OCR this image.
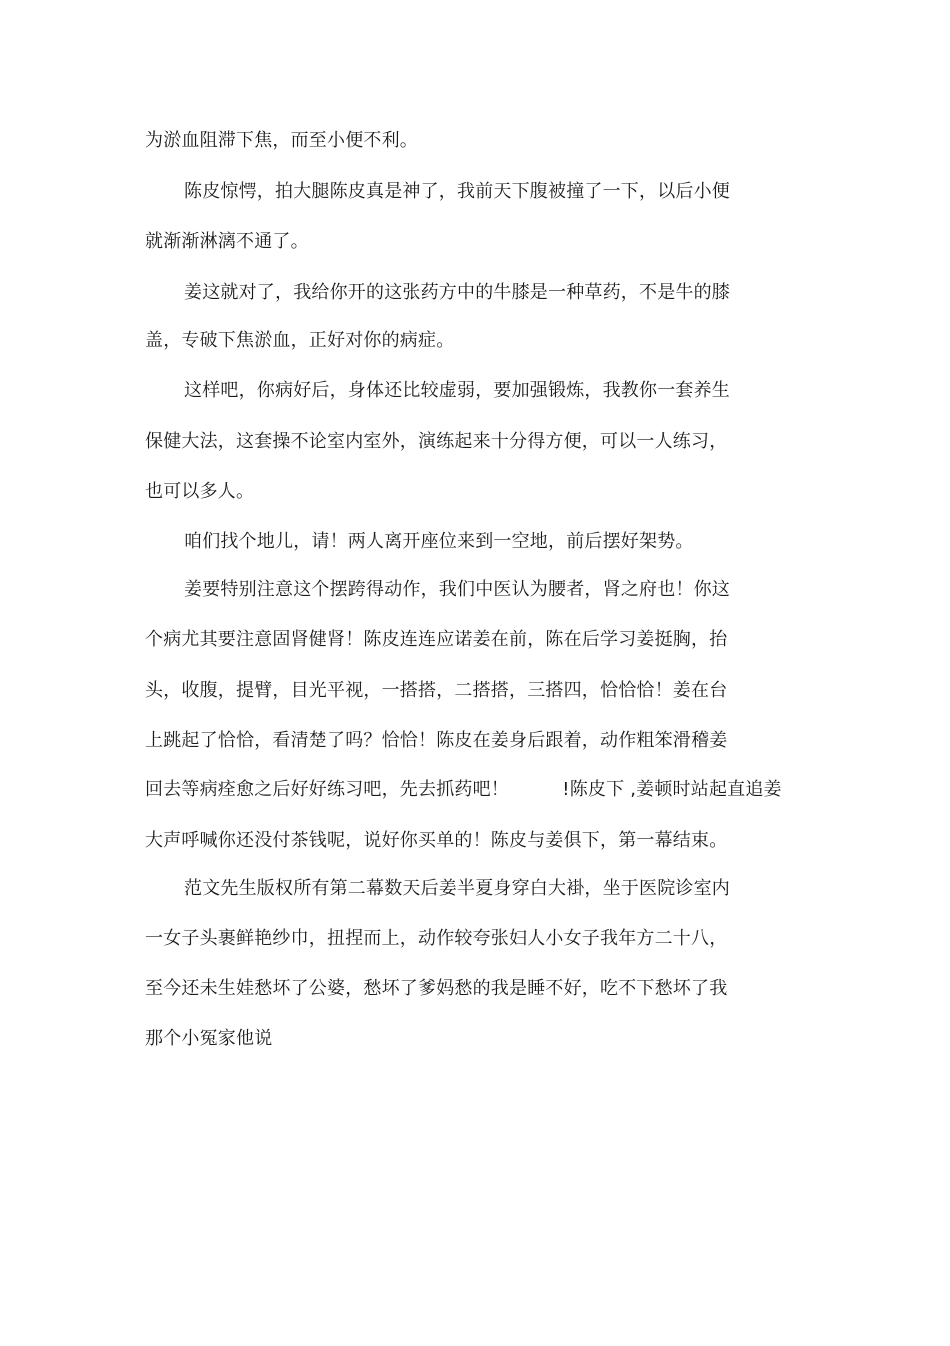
为淤血阻滞下焦，而至小便不利。
陈皮惊愕，拍大腿陈皮真是神了，我前天下腹被撞了一下，以后小便
就渐渐淋漓不通了。
姜这就对了，我给你开的这张药方中的牛膝是一种草药，不是牛的膝
盖，专破下焦淤血，正好对你的病症。
这样吧，你病好后，身体还比较虚弱，要加强锻炼，我教你一套养生
保健大法，这套操不论室内室外，演练起来十分得方便，可以一人练习，
也可以多人。
咱们找个地儿，请！两人离开座位来到一空地，前后摆好架势。
姜要特别注意这个摆跨得动作，我们中医认为腰者，肾之府也！你这
个病尤其要注意固肾健肾！陈皮连连应诺姜在前，陈在后学习姜挺胸，抬
头，收腹，提臂，目光平视，一搭搭，二搭搭，三搭四，恰恰恰！姜在台
上跳起了恰恰，看清楚了吗？恰恰！陈皮在姜身后跟着，动作粗笨滑稽姜
回去等病痊愈之后好好练习吧，先去抓药吧！         !陈皮下 ,姜顿时站起直追姜
大声呼喊你还没付茶钱呢，说好你买单的！陈皮与姜俱下，第一幕结束。
范文先生版权所有第二幕数天后姜半夏身穿白大褂，坐于医院诊室内
一女子头裹鲜艳纱巾，扭捏而上，动作较夸张妇人小女子我年方二十八，
至今还未生娃愁坏了公婆，愁坏了爹妈愁的我是睡不好，吃不下愁坏了我
那个小冤家他说
